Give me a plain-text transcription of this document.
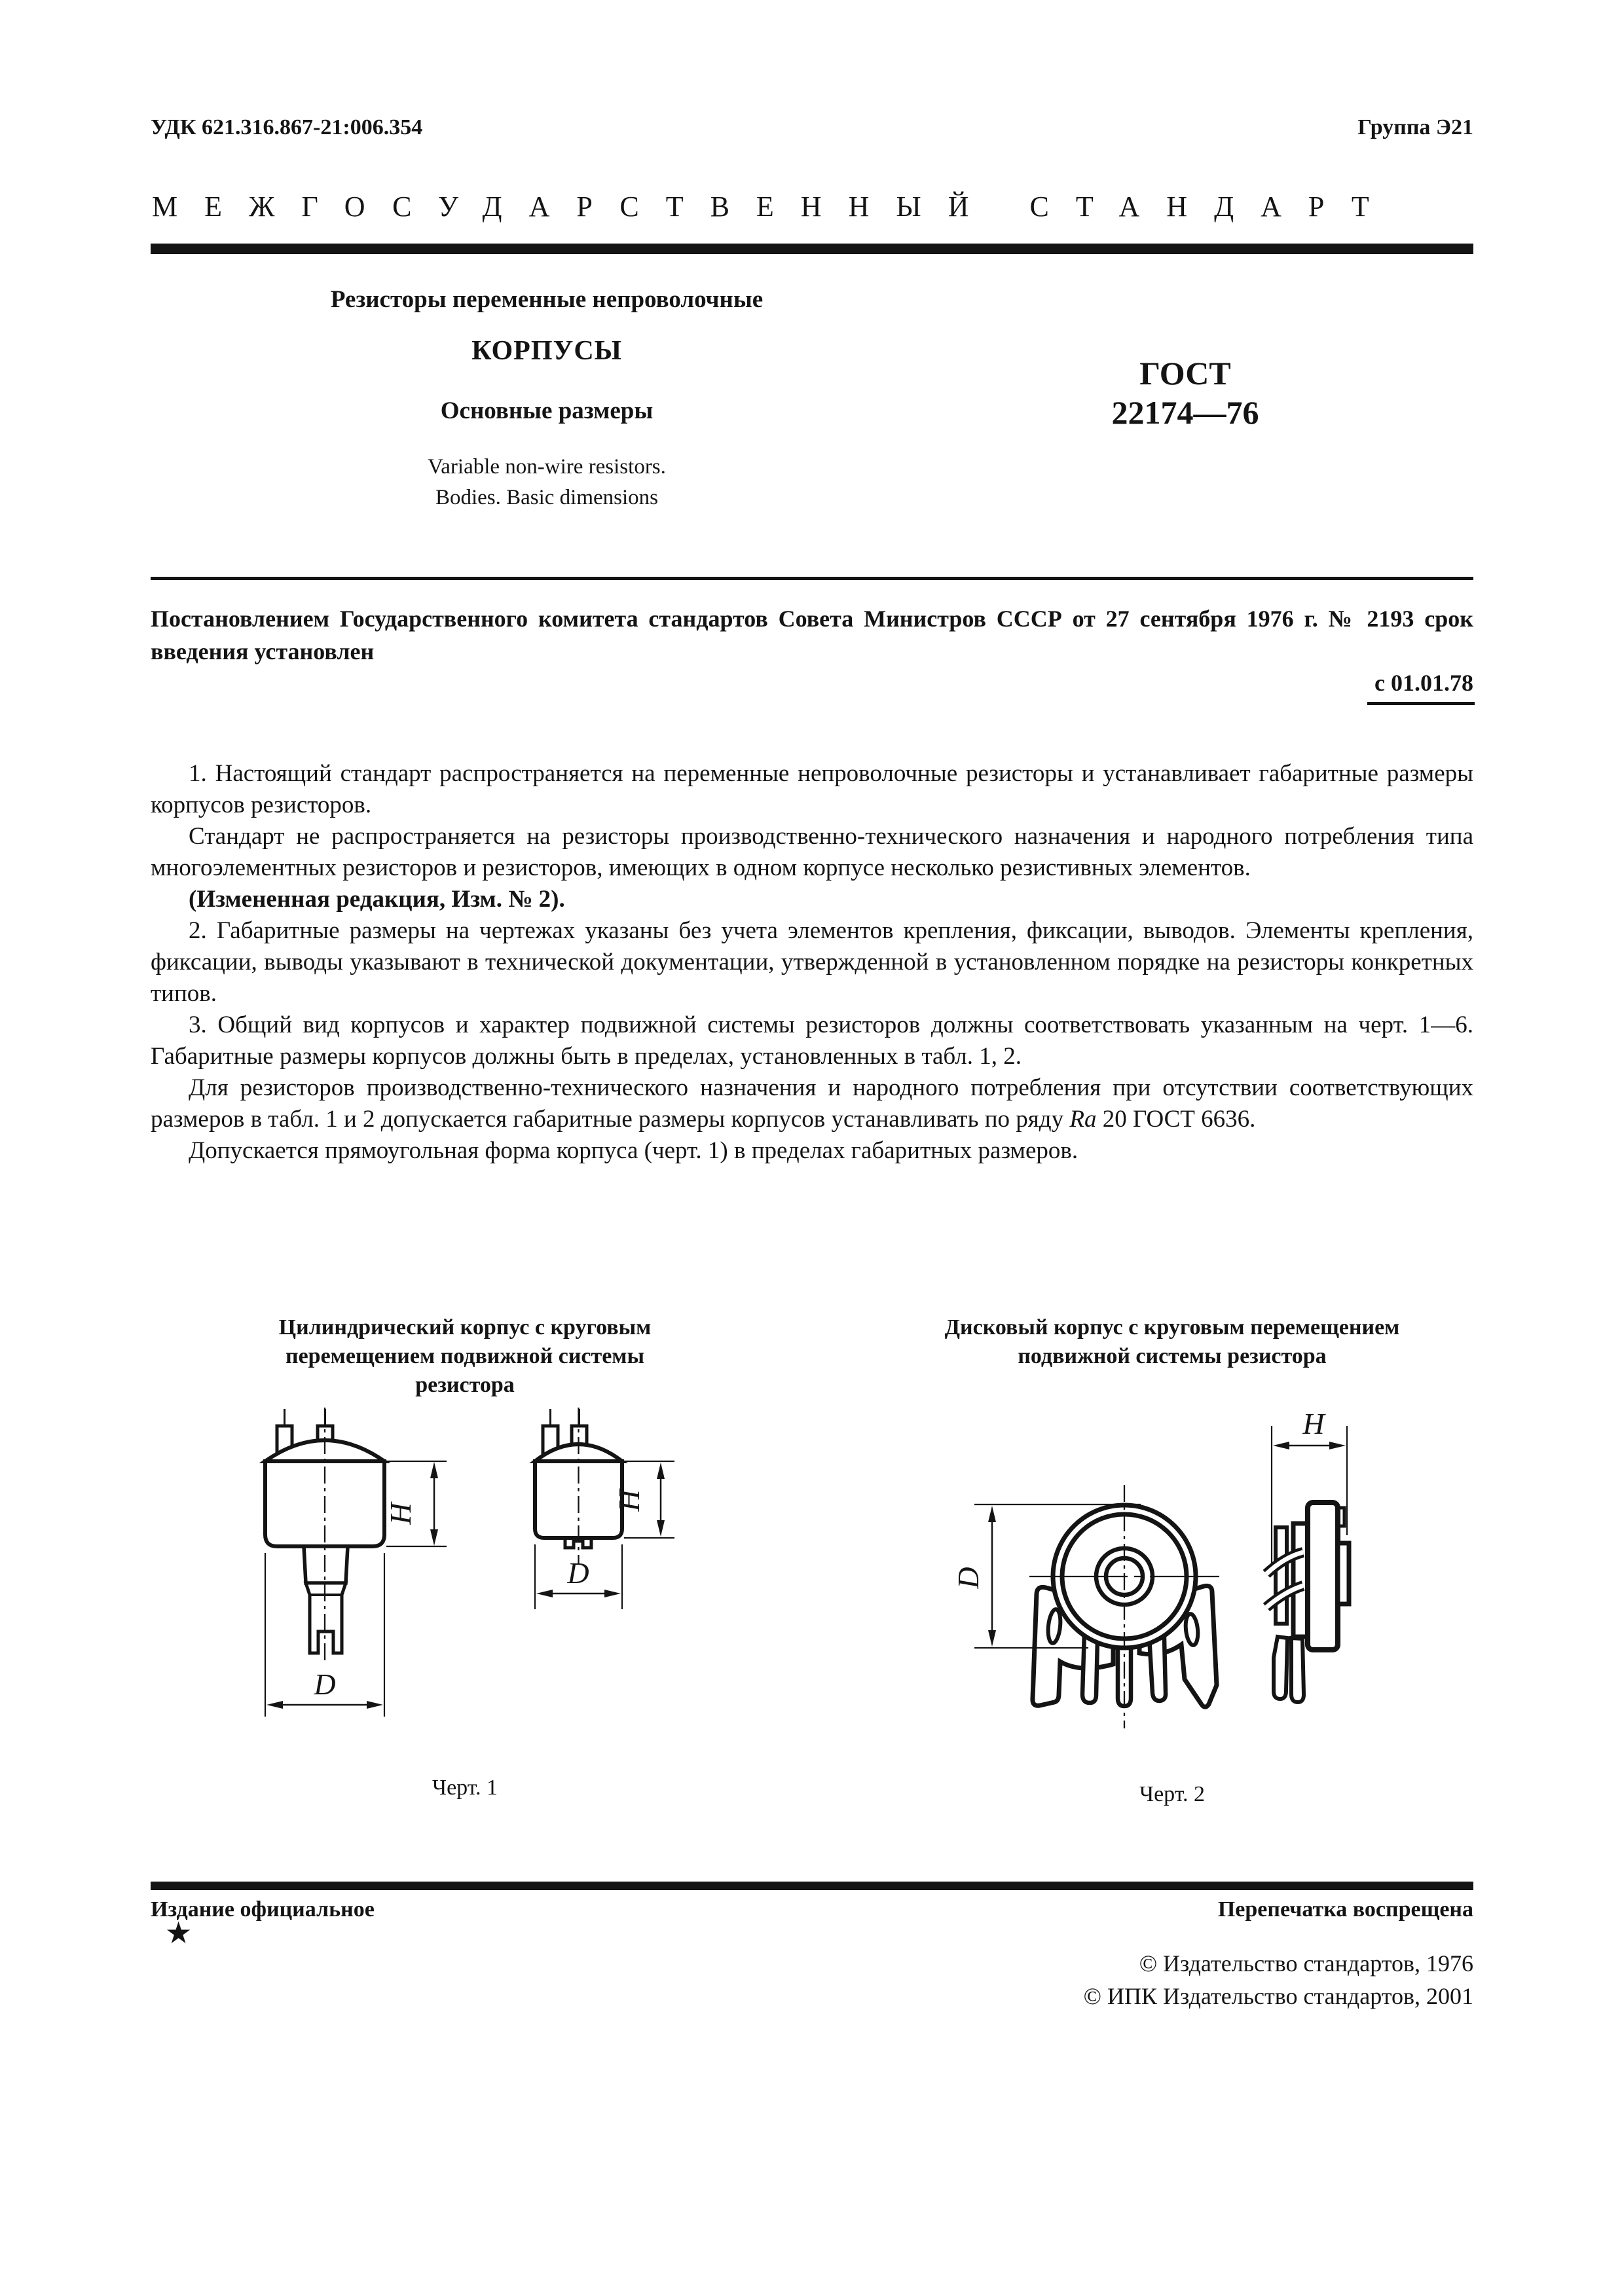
УДК 621.316.867-21:006.354	Группа Э21
МЕЖГОСУДАРСТВЕННЫЙ СТАНДАРТ
Резисторы переменные непроволочные
КОРПУСЫ
Основные размеры
Variable non-wire resistors.
Bodies. Basic dimensions
ГОСТ
22174—76
Постановлением Государственного комитета стандартов Совета Министров СССР от 27 сентября 1976 г. № 2193 срок введения установлен
с 01.01.78

1. Настоящий стандарт распространяется на переменные непроволочные резисторы и устанавливает габаритные размеры корпусов резисторов.

Стандарт не распространяется на резисторы производственно-технического назначения и народного потребления типа многоэлементных резисторов и резисторов, имеющих в одном корпусе несколько резистивных элементов.

(Измененная редакция, Изм. № 2).

2. Габаритные размеры на чертежах указаны без учета элементов крепления, фиксации, выводов. Элементы крепления, фиксации, выводы указывают в технической документации, утвержденной в установленном порядке на резисторы конкретных типов.

3. Общий вид корпусов и характер подвижной системы резисторов должны соответствовать указанным на черт. 1—6. Габаритные размеры корпусов должны быть в пределах, установленных в табл. 1, 2.

Для резисторов производственно-технического назначения и народного потребления при отсутствии соответствующих размеров в табл. 1 и 2 допускается габаритные размеры корпусов устанавливать по ряду Ra 20 ГОСТ 6636.

Допускается прямоугольная форма корпуса (черт. 1) в пределах габаритных размеров.

Цилиндрический корпус с круговым перемещением подвижной системы резистора
Дисковый корпус с круговым перемещением подвижной системы резистора
H
D
H
D	D
H
Черт. 1	Черт. 2
Издание официальное	Перепечатка воспрещена
★
© Издательство стандартов, 1976
© ИПК Издательство стандартов, 2001
